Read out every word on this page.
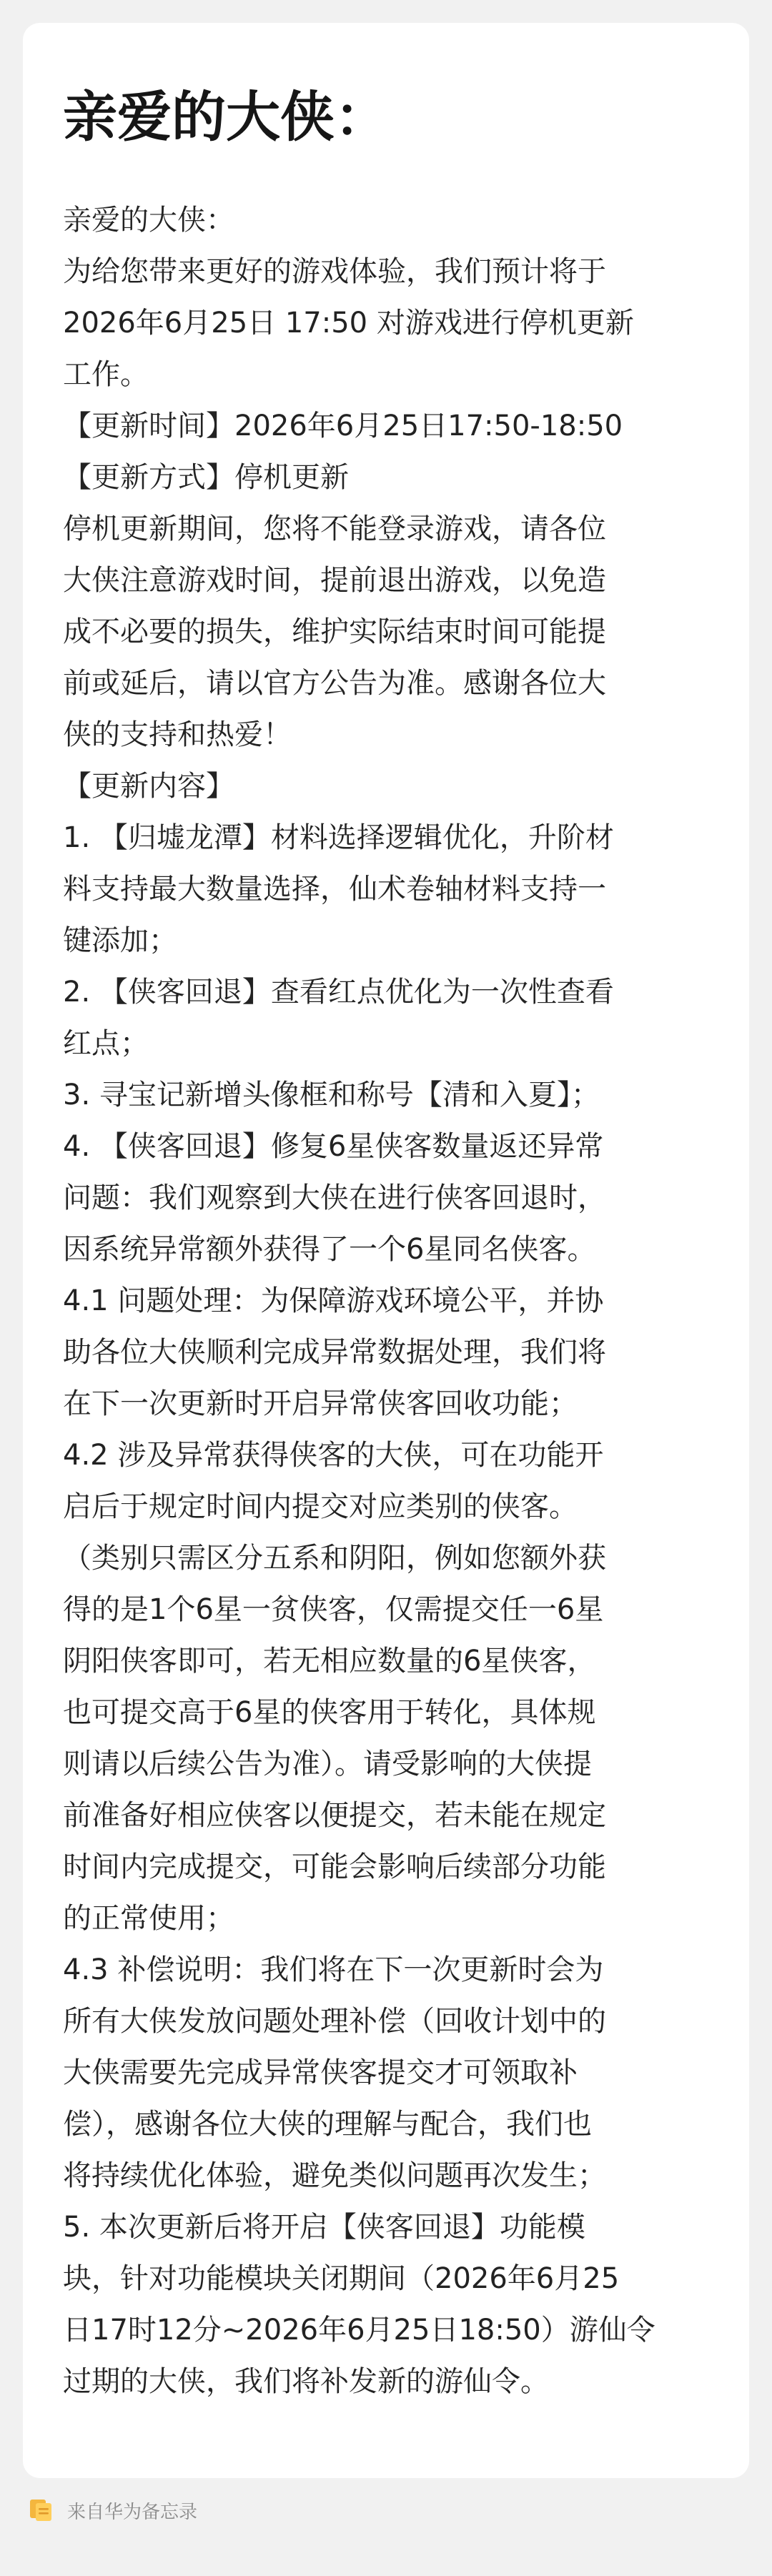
亲爱的大侠：
亲爱的大侠：
为给您带来更好的游戏体验，我们预计将于
2026年6月25日 17:50 对游戏进行停机更新
工作。
【更新时间】2026年6月25日17:50-18:50
【更新方式】停机更新
停机更新期间，您将不能登录游戏，请各位
大侠注意游戏时间，提前退出游戏，以免造
成不必要的损失，维护实际结束时间可能提
前或延后，请以官方公告为准。感谢各位大
侠的支持和热爱！
【更新内容】
1. 【归墟龙潭】材料选择逻辑优化，升阶材
料支持最大数量选择，仙术卷轴材料支持一
键添加；
2. 【侠客回退】查看红点优化为一次性查看
红点；
3. 寻宝记新增头像框和称号【清和入夏】；
4. 【侠客回退】修复6星侠客数量返还异常
问题：我们观察到大侠在进行侠客回退时，
因系统异常额外获得了一个6星同名侠客。
4.1 问题处理：为保障游戏环境公平，并协
助各位大侠顺利完成异常数据处理，我们将
在下一次更新时开启异常侠客回收功能；
4.2 涉及异常获得侠客的大侠，可在功能开
启后于规定时间内提交对应类别的侠客。
（类别只需区分五系和阴阳，例如您额外获
得的是1个6星一贫侠客，仅需提交任一6星
阴阳侠客即可，若无相应数量的6星侠客，
也可提交高于6星的侠客用于转化，具体规
则请以后续公告为准）。请受影响的大侠提
前准备好相应侠客以便提交，若未能在规定
时间内完成提交，可能会影响后续部分功能
的正常使用；
4.3 补偿说明：我们将在下一次更新时会为
所有大侠发放问题处理补偿（回收计划中的
大侠需要先完成异常侠客提交才可领取补
偿），感谢各位大侠的理解与配合，我们也
将持续优化体验，避免类似问题再次发生；
5. 本次更新后将开启【侠客回退】功能模
块，针对功能模块关闭期间（2026年6月25
日17时12分~2026年6月25日18:50）游仙令
过期的大侠，我们将补发新的游仙令。
来自华为备忘录
